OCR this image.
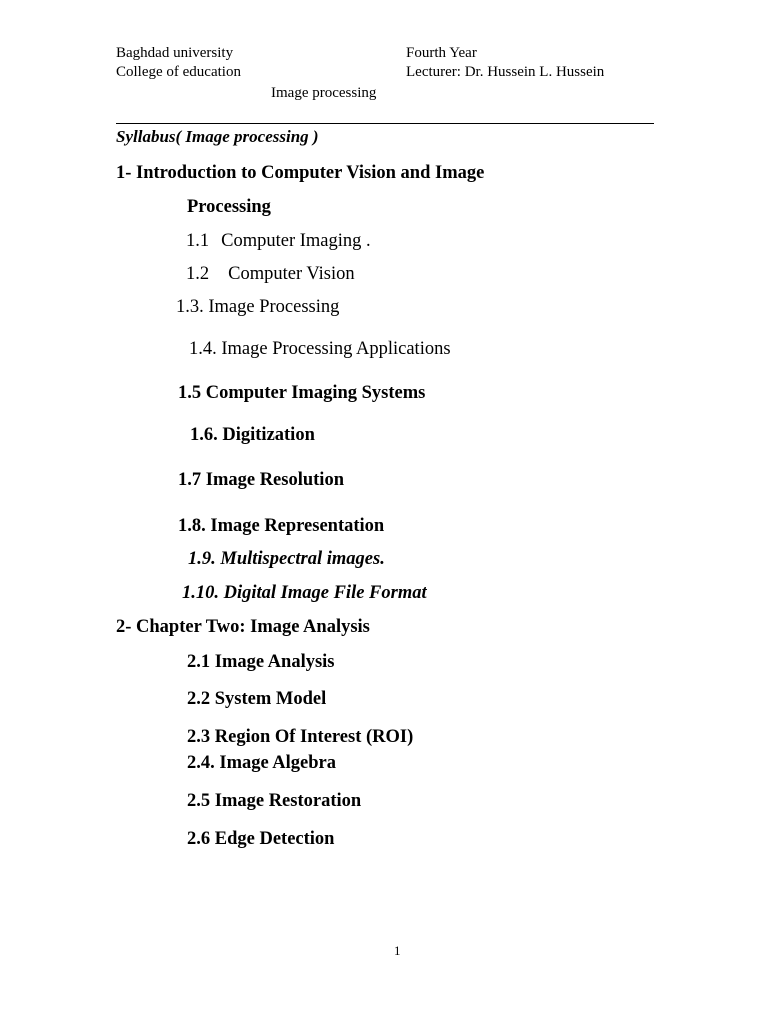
Baghdad university	Fourth Year
College of education	Lecturer: Dr. Hussein L. Hussein
Image processing
Syllabus( Image processing )
1- Introduction to Computer Vision and Image
Processing
1.1 Computer Imaging .
1.2 Computer Vision
1.3. Image Processing
1.4. Image Processing Applications
1.5 Computer Imaging Systems
1.6. Digitization
1.7 Image Resolution
1.8. Image Representation
1.9. Multispectral images.
1.10. Digital Image File Format
2- Chapter Two: Image Analysis
2.1 Image Analysis
2.2 System Model
2.3 Region Of Interest (ROI)
2.4. Image Algebra
2.5 Image Restoration
2.6 Edge Detection
1
